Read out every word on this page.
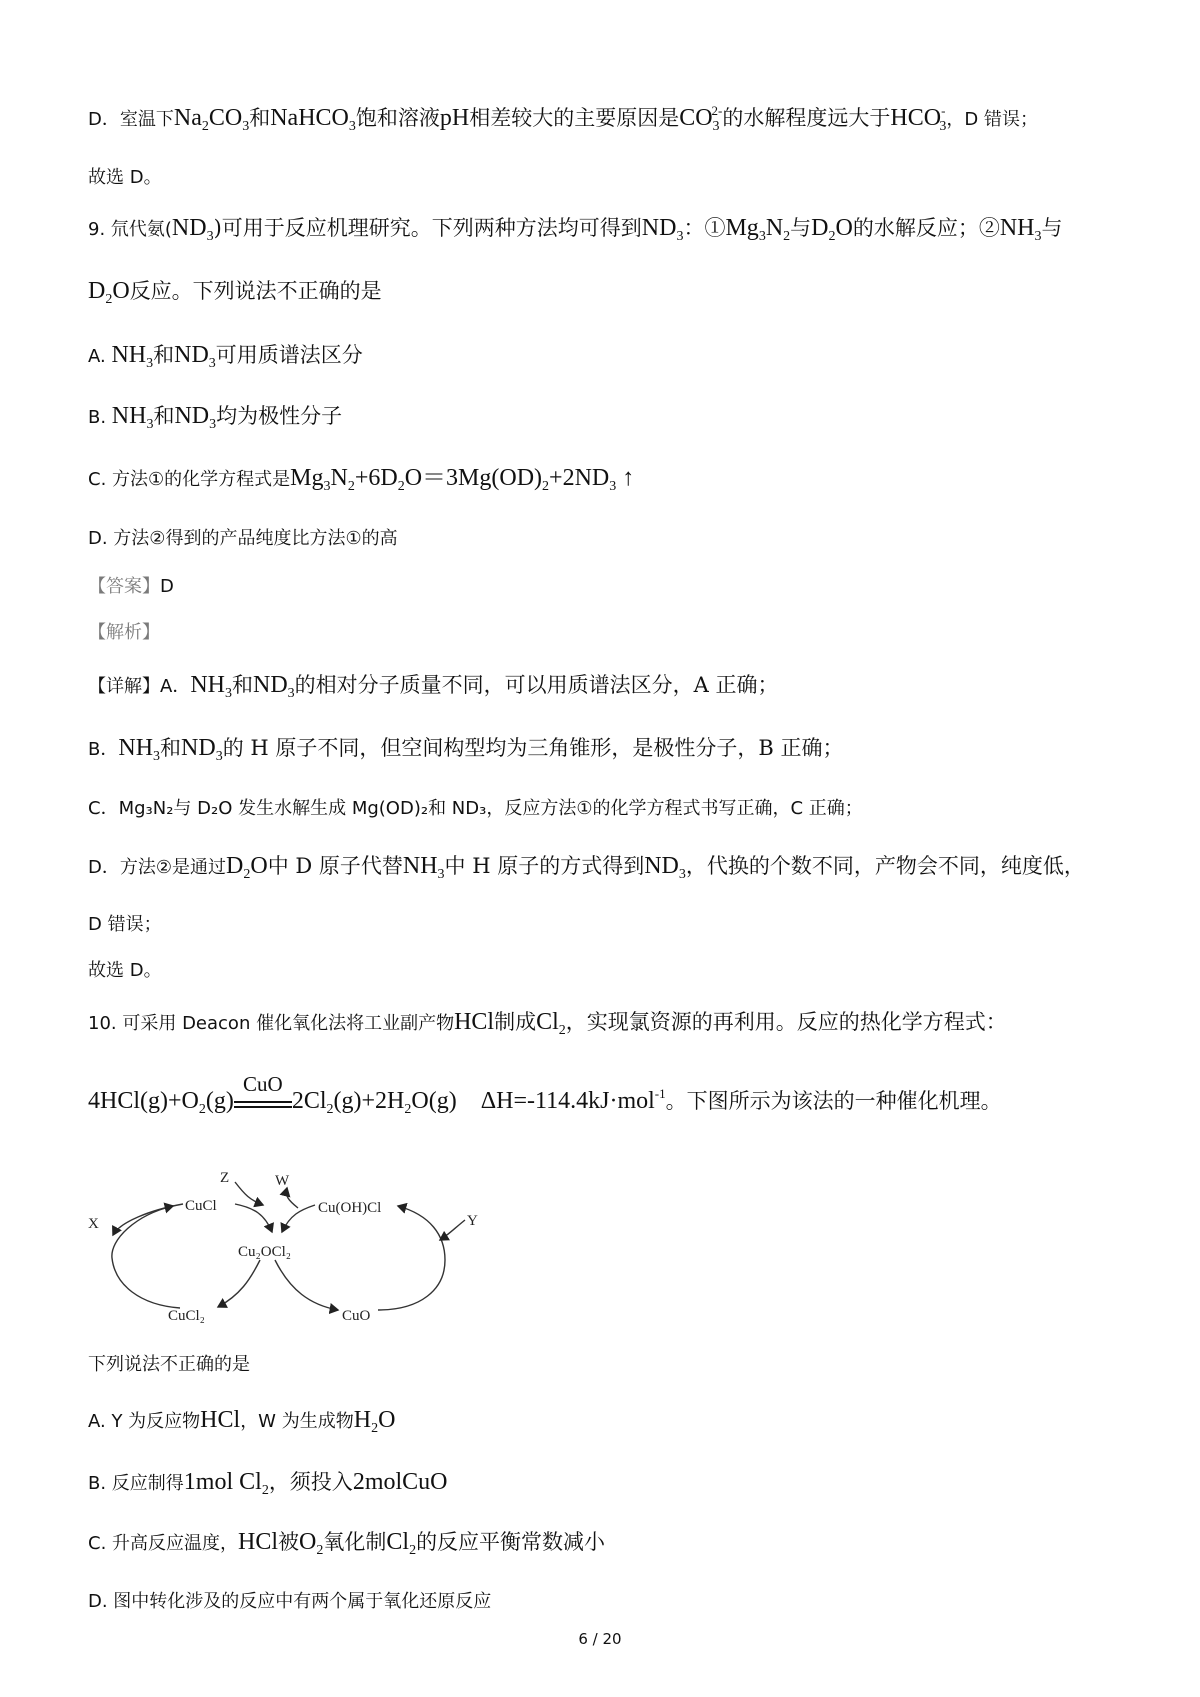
D．室温下$Na_2CO_3$和NaHCO$_3$饱和溶液pH相差较大的主要原因是$CO_3^{2-}$的水解程度远大于$HCO^-_3$，D 错误；
故选 D。
9. 氘代氨$(ND_3)$可用于反应机理研究。下列两种方法均可得到$ND_3$：$①Mg_3N_2$与$D_2O$的水解反应；$②NH_3$与
$D_2O$反应。下列说法不正确的是
A. $NH_3$和$ND_3$可用质谱法区分
B. $NH_3$和$ND_3$均为极性分子
C. 方法①的化学方程式是$Mg_3N_2+6D_2O=3Mg(OD)_2+2ND_3$ ↑
D. 方法②得到的产品纯度比方法①的高
【答案】D
【解析】
【详解】A．$NH_3$和$ND_3$的相对分子质量不同，可以用质谱法区分，A 正确；
B．$NH_3$和$ND_3$的 H 原子不同，但空间构型均为三角锥形，是极性分子，B 正确；
C．Mg₃N₂与 D₂O 发生水解生成 Mg(OD)₂和 ND₃，反应方法①的化学方程式书写正确，C 正确；
D．方法②是通过$D_2O$中 D 原子代替$NH_3$中 H 原子的方式得到$ND_3$，代换的个数不同，产物会不同，纯度低，
D 错误；
故选 D。
10. 可采用 Deacon 催化氧化法将工业副产物HCl制成$Cl_2$，实现氯资源的再利用。反应的热化学方程式：
$4HCl(g)+O_2(g)$
CuO
$2Cl_2(g)+2H_2O(g)$    ΔH=-114.4kJ·mol$^{-1}$。下图所示为该法的一种催化机理。
CuCl	Cu(OH)Cl
Cu₂OCl₂
CuCl₂	CuO
X	Y
Z	W
下列说法不正确的是
A. Y 为反应物HCl，W 为生成物$H_2O$
B. 反应制得1mol $Cl_2$，须投入2molCuO
C. 升高反应温度，HCl被$O_2$氧化制$Cl_2$的反应平衡常数减小
D. 图中转化涉及的反应中有两个属于氧化还原反应
6 / 20
